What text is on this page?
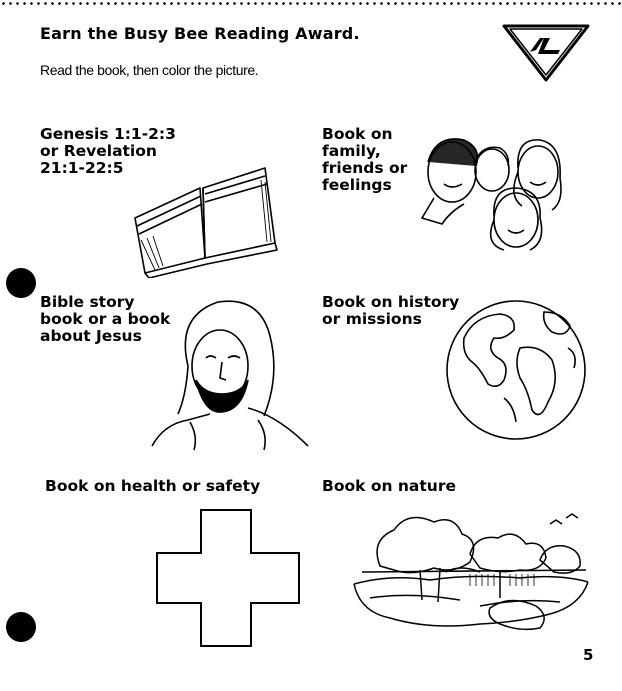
Earn the Busy Bee Reading Award.
Read the book, then color the picture.
Genesis 1:1-2:3
or Revelation
21:1-22:5
Book on
family,
friends or
feelings
Bible story
book or a book
about Jesus
Book on history
or missions
Book on health or safety	Book on nature
5
